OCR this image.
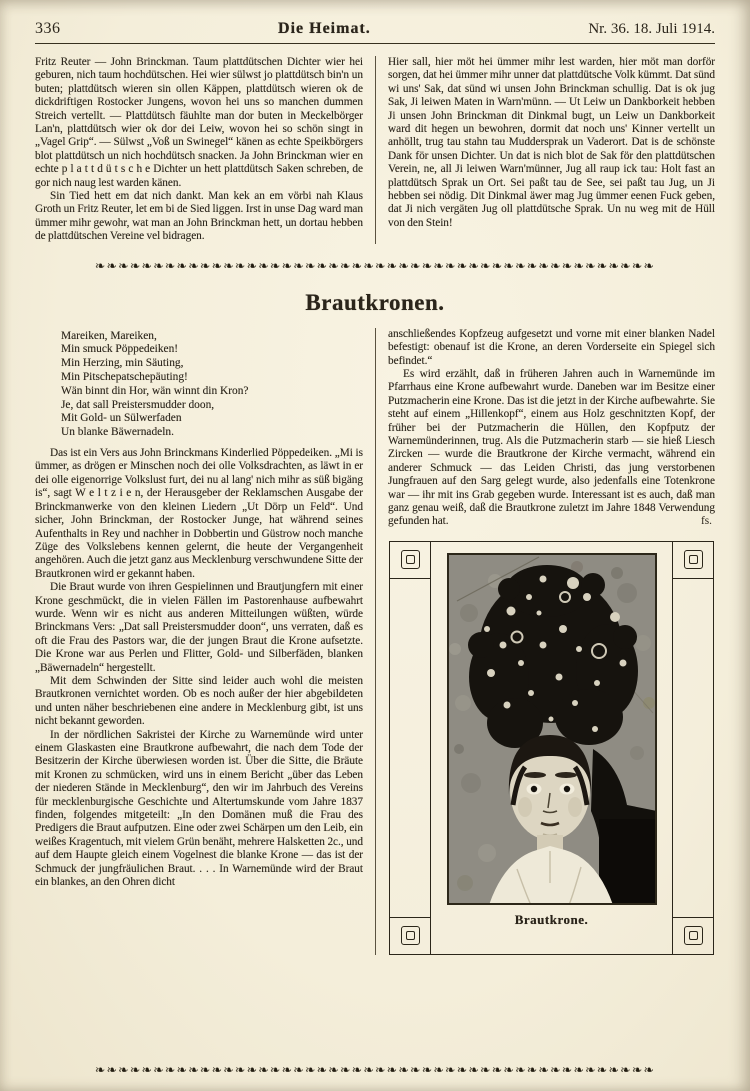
336	Die Heimat.	Nr. 36. 18. Juli 1914.

Fritz Reuter — John Brinckman. Taum plattdütschen Dichter wier hei geburen, nich taum hochdütschen. Hei wier sülwst jo plattdütsch bin'n un buten; plattdütsch wieren sin ollen Käppen, plattdütsch wieren ok de dickdriftigen Rostocker Jungens, wovon hei uns so manchen dummen Streich vertellt. — Plattdütsch fäuhlte man dor buten in Meckelbörger Lan'n, plattdütsch wier ok dor dei Leiw, wovon hei so schön singt in „Vagel Grip“. — Sülwst „Voß un Swinegel“ känen as echte Speikbörgers blot plattdütsch un nich hochdütsch snacken. Ja John Brinckman wier en echte p l a t t d ü t s c h e Dichter un hett plattdütsch Saken schreben, de gor nich naug lest warden känen.

Sin Tied hett em dat nich dankt. Man kek an em vörbi nah Klaus Groth un Fritz Reuter, let em bi de Sied liggen. Irst in unse Dag ward man ümmer mihr gewohr, wat man an John Brinckman hett, un dortau hebben de plattdütschen Vereine vel bidragen.

Hier sall, hier möt hei ümmer mihr lest warden, hier möt man dorför sorgen, dat hei ümmer mihr unner dat plattdütsche Volk kümmt. Dat sünd wi uns' Sak, dat sünd wi unsen John Brinckman schullig. Dat is ok jug Sak, Ji leiwen Maten in Warn'münn. — Ut Leiw un Dankborkeit hebben Ji unsen John Brinckman dit Dinkmal bugt, un Leiw un Dankborkeit ward dit hegen un bewohren, dormit dat noch uns' Kinner vertellt un anhöllt, trug tau stahn tau Muddersprak un Vaderort. Dat is de schönste Dank för unsen Dichter. Un dat is nich blot de Sak för den plattdütschen Verein, ne, all Ji leiwen Warn'münner, Jug all raup ick tau: Holt fast an plattdütsch Sprak un Ort. Sei paßt tau de See, sei paßt tau Jug, un Ji hebben sei nödig. Dit Dinkmal äwer mag Jug ümmer eenen Fuck geben, dat Ji nich vergäten Jug oll plattdütsche Sprak. Un nu weg mit de Hüll von den Stein!

❧❧❧❧❧❧❧❧❧❧❧❧❧❧❧❧❧❧❧❧❧❧❧❧❧❧❧❧❧❧❧❧❧❧❧❧❧❧❧❧❧❧❧❧❧❧❧❧
Brautkronen.
Mareiken, Mareiken,
Min smuck Pöppedeiken!
Min Herzing, min Säuting,
Min Pitschepatschepäuting!
Wän binnt din Hor, wän winnt din Kron?
Je, dat sall Preistersmudder doon,
Mit Gold- un Sülwerfaden
Un blanke Bäwernadeln.

Das ist ein Vers aus John Brinckmans Kinderlied Pöppedeiken. „Mi is ümmer, as drögen er Minschen noch dei olle Volksdrachten, as läwt in er dei olle eigenorrige Volkslust furt, dei nu al lang' nich mihr as süß bigäng is“, sagt W e l t z i e n, der Herausgeber der Reklamschen Ausgabe der Brinckmanwerke von den kleinen Liedern „Ut Dörp un Feld“. Und sicher, John Brinckman, der Rostocker Junge, hat während seines Aufenthalts in Rey und nachher in Dobbertin und Güstrow noch manche Züge des Volkslebens kennen gelernt, die heute der Vergangenheit angehören. Auch die jetzt ganz aus Mecklenburg verschwundene Sitte der Brautkronen wird er gekannt haben.

Die Braut wurde von ihren Gespielinnen und Brautjungfern mit einer Krone geschmückt, die in vielen Fällen im Pastorenhause aufbewahrt wurde. Wenn wir es nicht aus anderen Mitteilungen wüßten, würde Brinckmans Vers: „Dat sall Preistersmudder doon“, uns verraten, daß es oft die Frau des Pastors war, die der jungen Braut die Krone aufsetzte. Die Krone war aus Perlen und Flitter, Gold- und Silberfäden, blanken „Bäwernadeln“ hergestellt.

Mit dem Schwinden der Sitte sind leider auch wohl die meisten Brautkronen vernichtet worden. Ob es noch außer der hier abgebildeten und unten näher beschriebenen eine andere in Mecklenburg gibt, ist uns nicht bekannt geworden.

In der nördlichen Sakristei der Kirche zu Warnemünde wird unter einem Glaskasten eine Brautkrone aufbewahrt, die nach dem Tode der Besitzerin der Kirche überwiesen worden ist. Über die Sitte, die Bräute mit Kronen zu schmücken, wird uns in einem Bericht „über das Leben der niederen Stände in Mecklenburg“, den wir im Jahrbuch des Vereins für mecklenburgische Geschichte und Altertumskunde vom Jahre 1837 finden, folgendes mitgeteilt: „In den Domänen muß die Frau des Predigers die Braut aufputzen. Eine oder zwei Schärpen um den Leib, ein weißes Kragentuch, mit vielem Grün benäht, mehrere Halsketten 2c., und auf dem Haupte gleich einem Vogelnest die blanke Krone — das ist der Schmuck der jungfräulichen Braut. . . . In Warnemünde wird der Braut ein blankes, an den Ohren dicht

anschließendes Kopfzeug aufgesetzt und vorne mit einer blanken Nadel befestigt: obenauf ist die Krone, an deren Vorderseite ein Spiegel sich befindet.“

Es wird erzählt, daß in früheren Jahren auch in Warnemünde im Pfarrhaus eine Krone aufbewahrt wurde. Daneben war im Besitze einer Putzmacherin eine Krone. Das ist die jetzt in der Kirche aufbewahrte. Sie steht auf einem „Hillenkopf“, einem aus Holz geschnitzten Kopf, der früher bei der Putzmacherin die Hüllen, den Kopfputz der Warnemünderinnen, trug. Als die Putzmacherin starb — sie hieß Liesch Zircken — wurde die Brautkrone der Kirche vermacht, während ein anderer Schmuck — das Leiden Christi, das jung verstorbenen Jungfrauen auf den Sarg gelegt wurde, also jedenfalls eine Totenkrone war — ihr mit ins Grab gegeben wurde. Interessant ist es auch, daß man ganz genau weiß, daß die Brautkrone zuletzt im Jahre 1848 Verwendung gefunden hat.	fs.
Brautkrone.
❧❧❧❧❧❧❧❧❧❧❧❧❧❧❧❧❧❧❧❧❧❧❧❧❧❧❧❧❧❧❧❧❧❧❧❧❧❧❧❧❧❧❧❧❧❧❧❧
